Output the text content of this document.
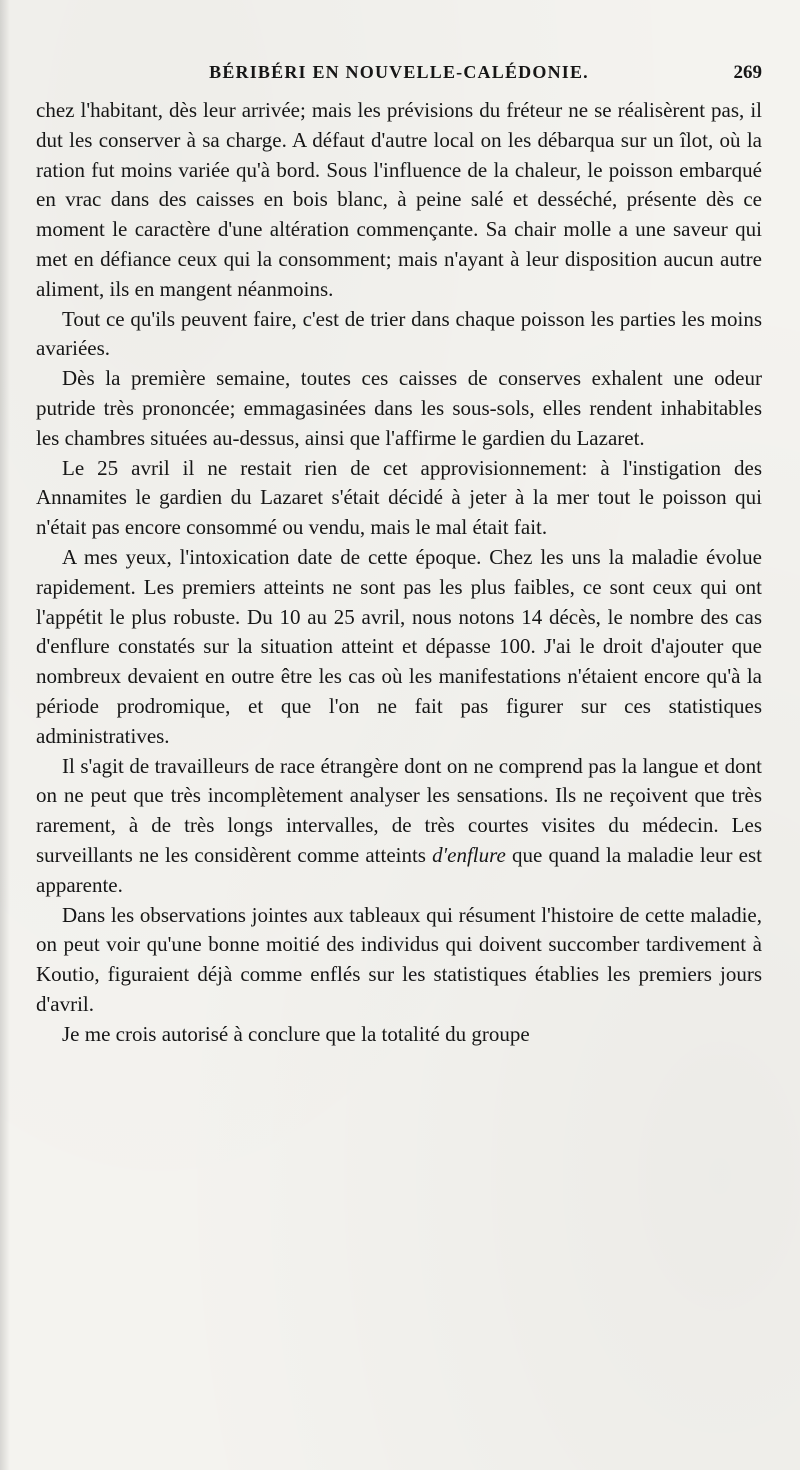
BÉRIBÉRI EN NOUVELLE-CALÉDONIE.	269

chez l'habitant, dès leur arrivée; mais les prévisions du fréteur ne se réalisèrent pas, il dut les conserver à sa charge. A défaut d'autre local on les débarqua sur un îlot, où la ration fut moins variée qu'à bord. Sous l'influence de la chaleur, le poisson embarqué en vrac dans des caisses en bois blanc, à peine salé et desséché, présente dès ce moment le caractère d'une altération commençante. Sa chair molle a une saveur qui met en défiance ceux qui la consomment; mais n'ayant à leur disposition aucun autre aliment, ils en mangent néanmoins.

Tout ce qu'ils peuvent faire, c'est de trier dans chaque poisson les parties les moins avariées.

Dès la première semaine, toutes ces caisses de conserves exhalent une odeur putride très prononcée; emmagasinées dans les sous-sols, elles rendent inhabitables les chambres situées au-dessus, ainsi que l'affirme le gardien du Lazaret.

Le 25 avril il ne restait rien de cet approvisionnement: à l'instigation des Annamites le gardien du Lazaret s'était décidé à jeter à la mer tout le poisson qui n'était pas encore consommé ou vendu, mais le mal était fait.

A mes yeux, l'intoxication date de cette époque. Chez les uns la maladie évolue rapidement. Les premiers atteints ne sont pas les plus faibles, ce sont ceux qui ont l'appétit le plus robuste. Du 10 au 25 avril, nous notons 14 décès, le nombre des cas d'enflure constatés sur la situation atteint et dépasse 100. J'ai le droit d'ajouter que nombreux devaient en outre être les cas où les manifestations n'étaient encore qu'à la période prodromique, et que l'on ne fait pas figurer sur ces statistiques administratives.

Il s'agit de travailleurs de race étrangère dont on ne comprend pas la langue et dont on ne peut que très incomplètement analyser les sensations. Ils ne reçoivent que très rarement, à de très longs intervalles, de très courtes visites du médecin. Les surveillants ne les considèrent comme atteints d'enflure que quand la maladie leur est apparente.

Dans les observations jointes aux tableaux qui résument l'histoire de cette maladie, on peut voir qu'une bonne moitié des individus qui doivent succomber tardivement à Koutio, figuraient déjà comme enflés sur les statistiques établies les premiers jours d'avril.

Je me crois autorisé à conclure que la totalité du groupe
